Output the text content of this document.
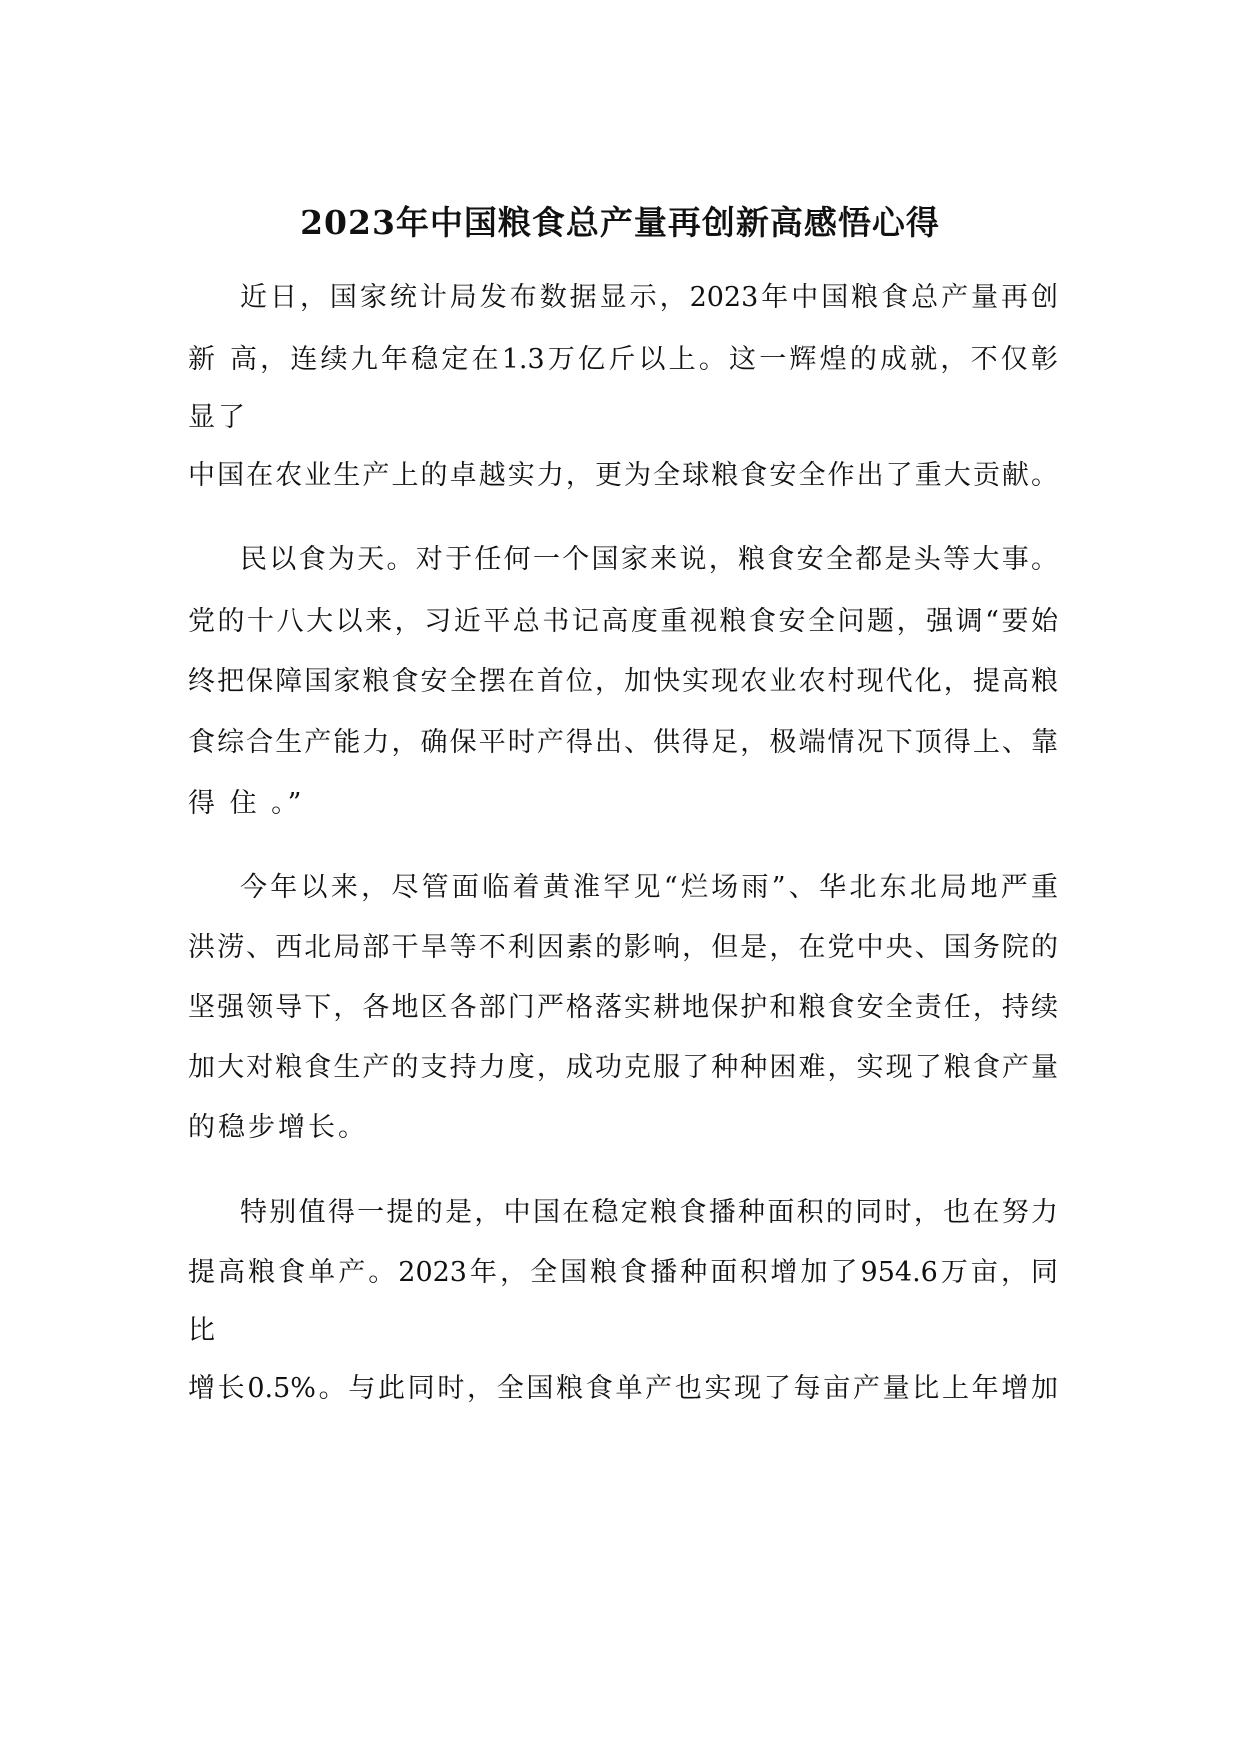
2023年中国粮食总产量再创新高感悟心得
近日，国家统计局发布数据显示，2023年中国粮食总产量再创
新 高，连续九年稳定在1.3万亿斤以上。这一辉煌的成就，不仅彰
显了
中国在农业生产上的卓越实力，更为全球粮食安全作出了重大贡献。
民以食为天。对于任何一个国家来说，粮食安全都是头等大事。
党的十八大以来，习近平总书记高度重视粮食安全问题，强调“要始
终把保障国家粮食安全摆在首位，加快实现农业农村现代化，提高粮
食综合生产能力，确保平时产得出、供得足，极端情况下顶得上、靠
得 住 。”
今年以来，尽管面临着黄淮罕见“烂场雨”、华北东北局地严重
洪涝、西北局部干旱等不利因素的影响，但是，在党中央、国务院的
坚强领导下，各地区各部门严格落实耕地保护和粮食安全责任，持续
加大对粮食生产的支持力度，成功克服了种种困难，实现了粮食产量
的稳步增长。
特别值得一提的是，中国在稳定粮食播种面积的同时，也在努力
提高粮食单产。2023年，全国粮食播种面积增加了954.6万亩，同
比
增长0.5%。与此同时，全国粮食单产也实现了每亩产量比上年增加
